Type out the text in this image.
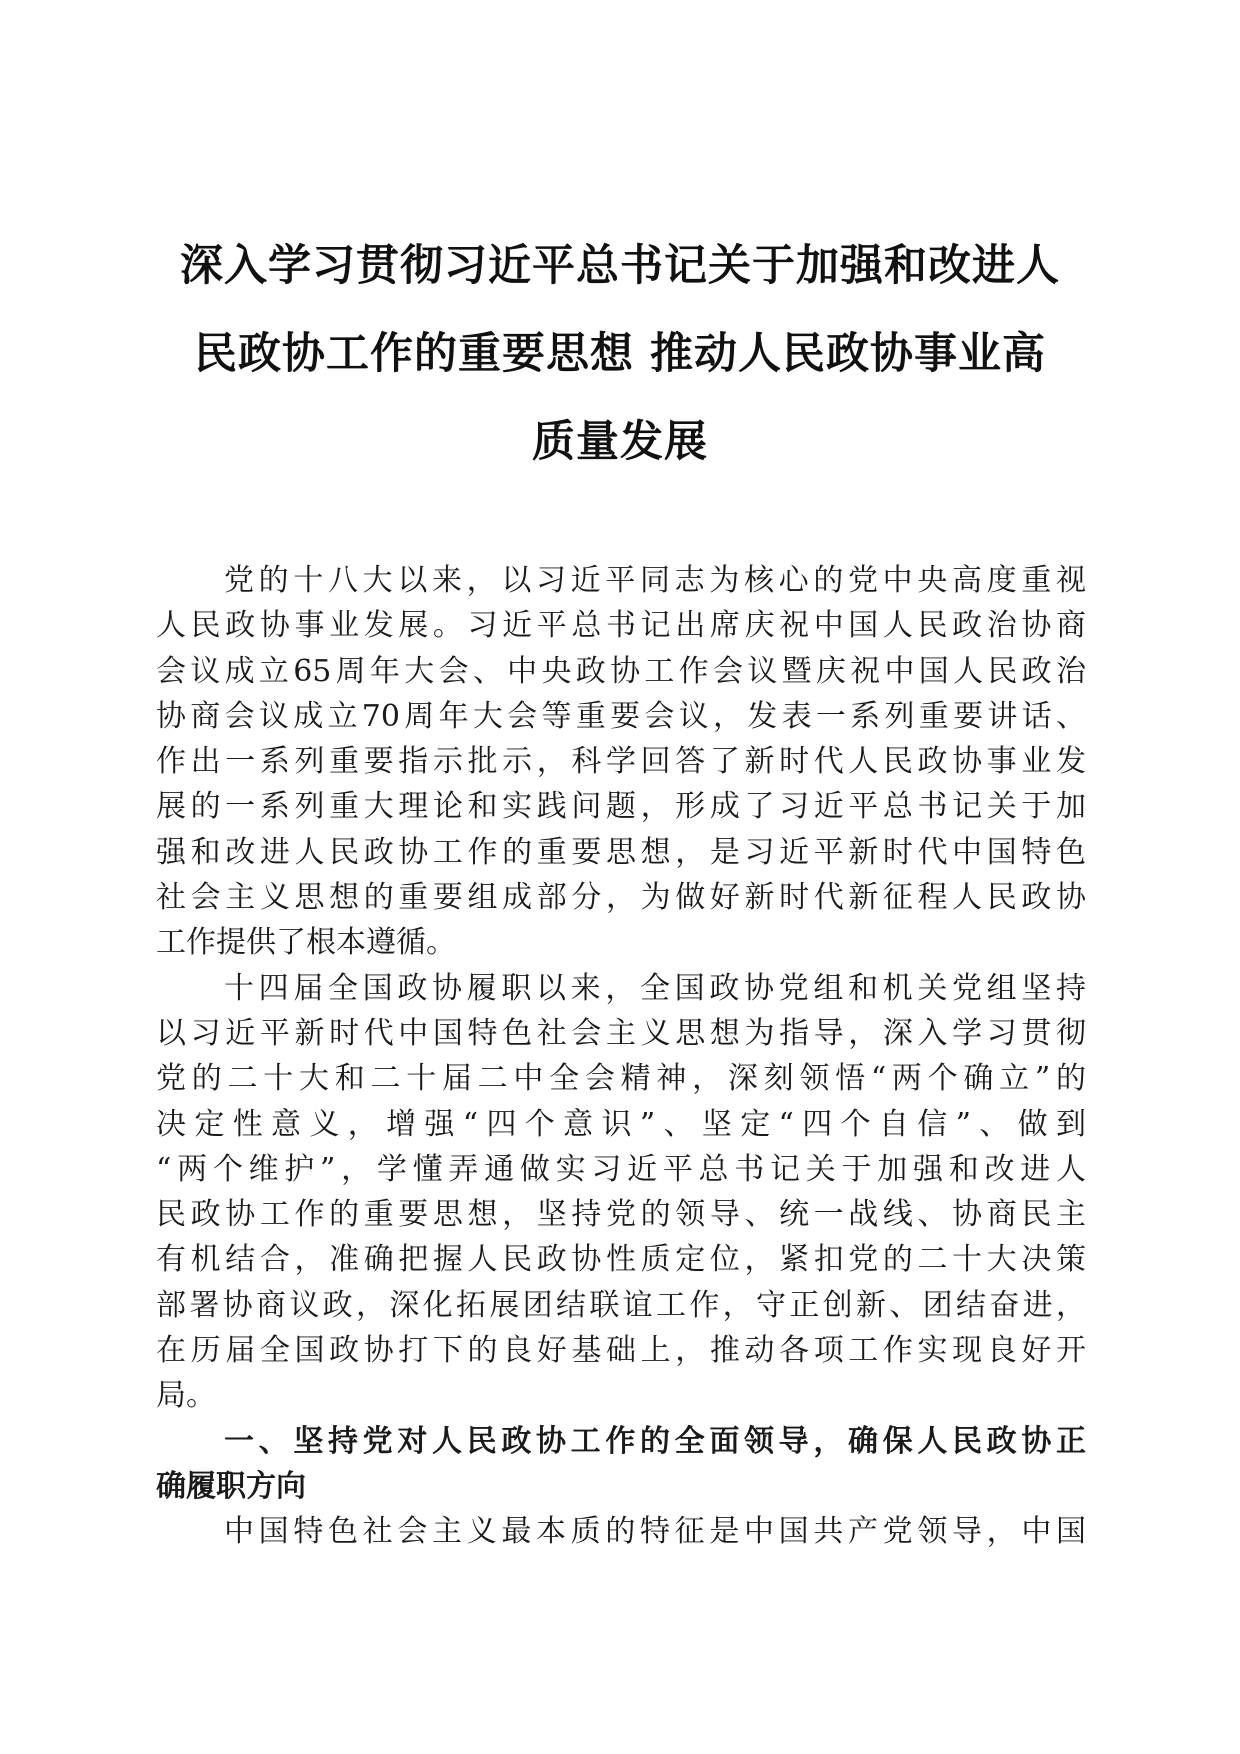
深入学习贯彻习近平总书记关于加强和改进人
民政协工作的重要思想 推动人民政协事业高
质量发展
党的十八大以来，以习近平同志为核心的党中央高度重视
人民政协事业发展。习近平总书记出席庆祝中国人民政治协商
会议成立65周年大会、中央政协工作会议暨庆祝中国人民政治
协商会议成立70周年大会等重要会议，发表一系列重要讲话、
作出一系列重要指示批示，科学回答了新时代人民政协事业发
展的一系列重大理论和实践问题，形成了习近平总书记关于加
强和改进人民政协工作的重要思想，是习近平新时代中国特色
社会主义思想的重要组成部分，为做好新时代新征程人民政协
工作提供了根本遵循。
十四届全国政协履职以来，全国政协党组和机关党组坚持
以习近平新时代中国特色社会主义思想为指导，深入学习贯彻
党的二十大和二十届二中全会精神，深刻领悟“两个确立”的
决定性意义，增强“四个意识”、坚定“四个自信”、做到
“两个维护”，学懂弄通做实习近平总书记关于加强和改进人
民政协工作的重要思想，坚持党的领导、统一战线、协商民主
有机结合，准确把握人民政协性质定位，紧扣党的二十大决策
部署协商议政，深化拓展团结联谊工作，守正创新、团结奋进，
在历届全国政协打下的良好基础上，推动各项工作实现良好开
局。
一、坚持党对人民政协工作的全面领导，确保人民政协正
确履职方向
中国特色社会主义最本质的特征是中国共产党领导，中国
